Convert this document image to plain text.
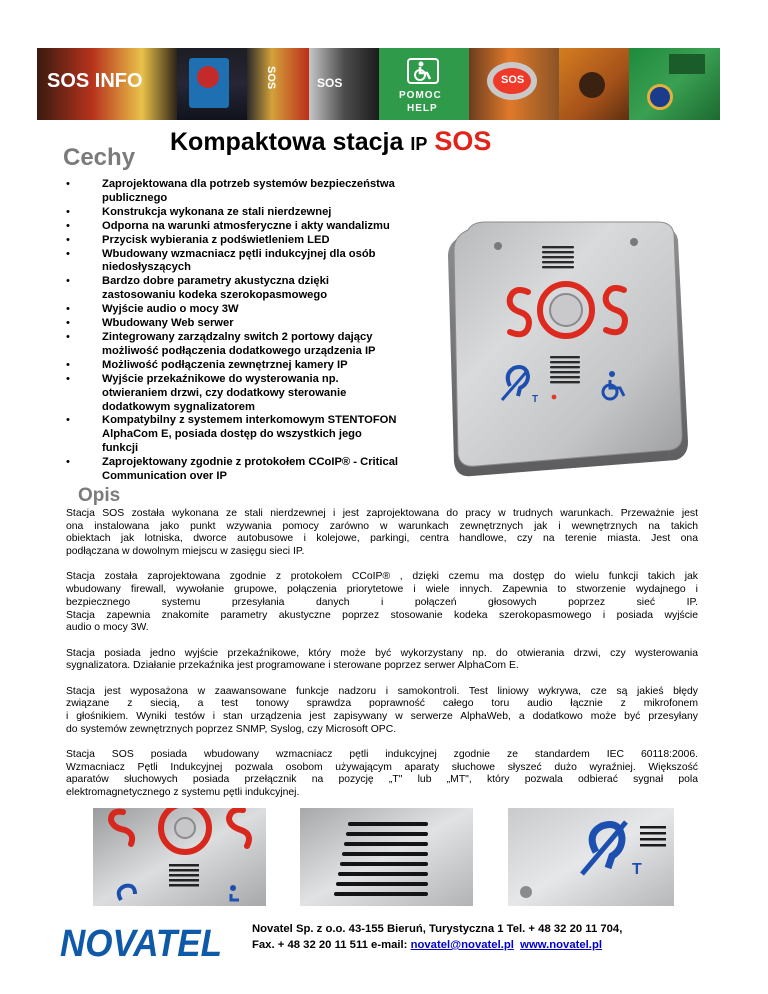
SOS INFO	SOS	SOS
POMOC
HELP
SOS
Cechy
Kompaktowa stacja IP SOS
•	Zaprojektowana dla potrzeb systemów bezpieczeństwa
publicznego
•	Konstrukcja wykonana ze stali nierdzewnej
•	Odporna na warunki atmosferyczne i akty wandalizmu
•	Przycisk wybierania z podświetleniem LED
•	Wbudowany wzmacniacz pętli indukcyjnej dla osób
niedosłyszących
•	Bardzo dobre parametry akustyczna dzięki
zastosowaniu kodeka szerokopasmowego
•	Wyjście audio o mocy 3W
•	Wbudowany Web serwer
•	Zintegrowany zarządzalny switch 2 portowy dający
możliwość podłączenia dodatkowego urządzenia IP
•	Możliwość podłączenia zewnętrznej kamery IP
•	Wyjście przekaźnikowe do wysterowania np.
otwieraniem drzwi, czy dodatkowy sterowanie
dodatkowym sygnalizatorem
•	Kompatybilny z systemem interkomowym STENTOFON
AlphaCom E, posiada dostęp do wszystkich jego
funkcji
•	Zaprojektowany zgodnie z protokołem CCoIP® - Critical
Communication over IP
T
Opis

Stacja SOS została wykonana ze stali nierdzewnej i jest zaprojektowana do pracy w trudnych warunkach. Przeważnie jest
ona instalowana jako punkt wzywania pomocy zarówno w warunkach zewnętrznych jak i wewnętrznych na takich
obiektach jak lotniska, dworce autobusowe i kolejowe, parkingi, centra handlowe, czy na terenie miasta. Jest ona
podłączana w dowolnym miejscu w zasięgu sieci IP.

Stacja została zaprojektowana zgodnie z protokołem CCoIP® , dzięki czemu ma dostęp do wielu funkcji takich jak
wbudowany firewall, wywołanie grupowe, połączenia priorytetowe i wiele innych. Zapewnia to stworzenie wydajnego i
bezpiecznego systemu przesyłania danych i połączeń głosowych poprzez sieć IP.
Stacja zapewnia znakomite parametry akustyczne poprzez stosowanie kodeka szerokopasmowego i posiada wyjście
audio o mocy 3W.

Stacja posiada jedno wyjście przekaźnikowe, który może być wykorzystany np. do otwierania drzwi, czy wysterowania
sygnalizatora. Działanie przekaźnika jest programowane i sterowane poprzez serwer AlphaCom E.

Stacja jest wyposażona w zaawansowane funkcje nadzoru i samokontroli. Test liniowy wykrywa, cze są jakieś błędy
związane z siecią, a test tonowy sprawdza poprawność całego toru audio łącznie z mikrofonem
i głośnikiem. Wyniki testów i stan urządzenia jest zapisywany w serwerze AlphaWeb, a dodatkowo może być przesyłany
do systemów zewnętrznych poprzez SNMP, Syslog, czy Microsoft OPC.

Stacja SOS posiada wbudowany wzmacniacz pętli indukcyjnej zgodnie ze standardem IEC 60118:2006.
Wzmacniacz Pętli Indukcyjnej pozwala osobom używającym aparaty słuchowe słyszeć dużo wyraźniej. Większość
aparatów słuchowych posiada przełącznik na pozycję „T" lub „MT", który pozwala odbierać sygnał pola
elektromagnetycznego z systemu pętli indukcyjnej.

T
NOVATEL	Novatel Sp. z o.o. 43-155 Bieruń, Turystyczna 1 Tel. + 48 32 20 11 704,
Fax. + 48 32 20 11 511 e-mail: novatel@novatel.pl www.novatel.pl
